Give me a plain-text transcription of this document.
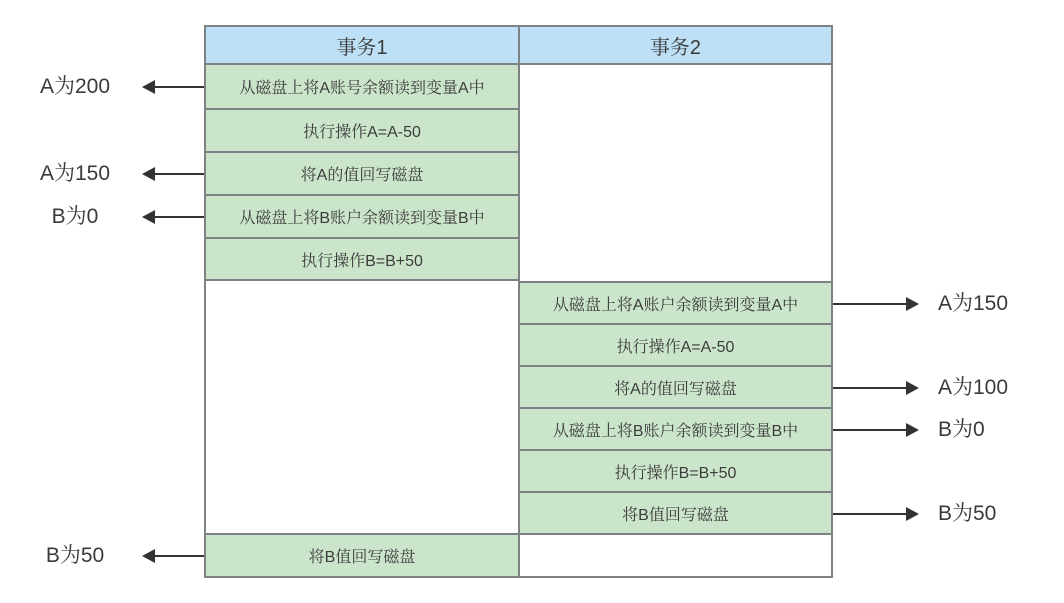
事务1	事务2
从磁盘上将A账号余额读到变量A中
执行操作A=A-50
将A的值回写磁盘
从磁盘上将B账户余额读到变量B中
执行操作B=B+50
将B值回写磁盘
从磁盘上将A账户余额读到变量A中
执行操作A=A-50
将A的值回写磁盘
从磁盘上将B账户余额读到变量B中
执行操作B=B+50
将B值回写磁盘
A为200
A为150
B为0
B为50
A为150
A为100
B为0
B为50
